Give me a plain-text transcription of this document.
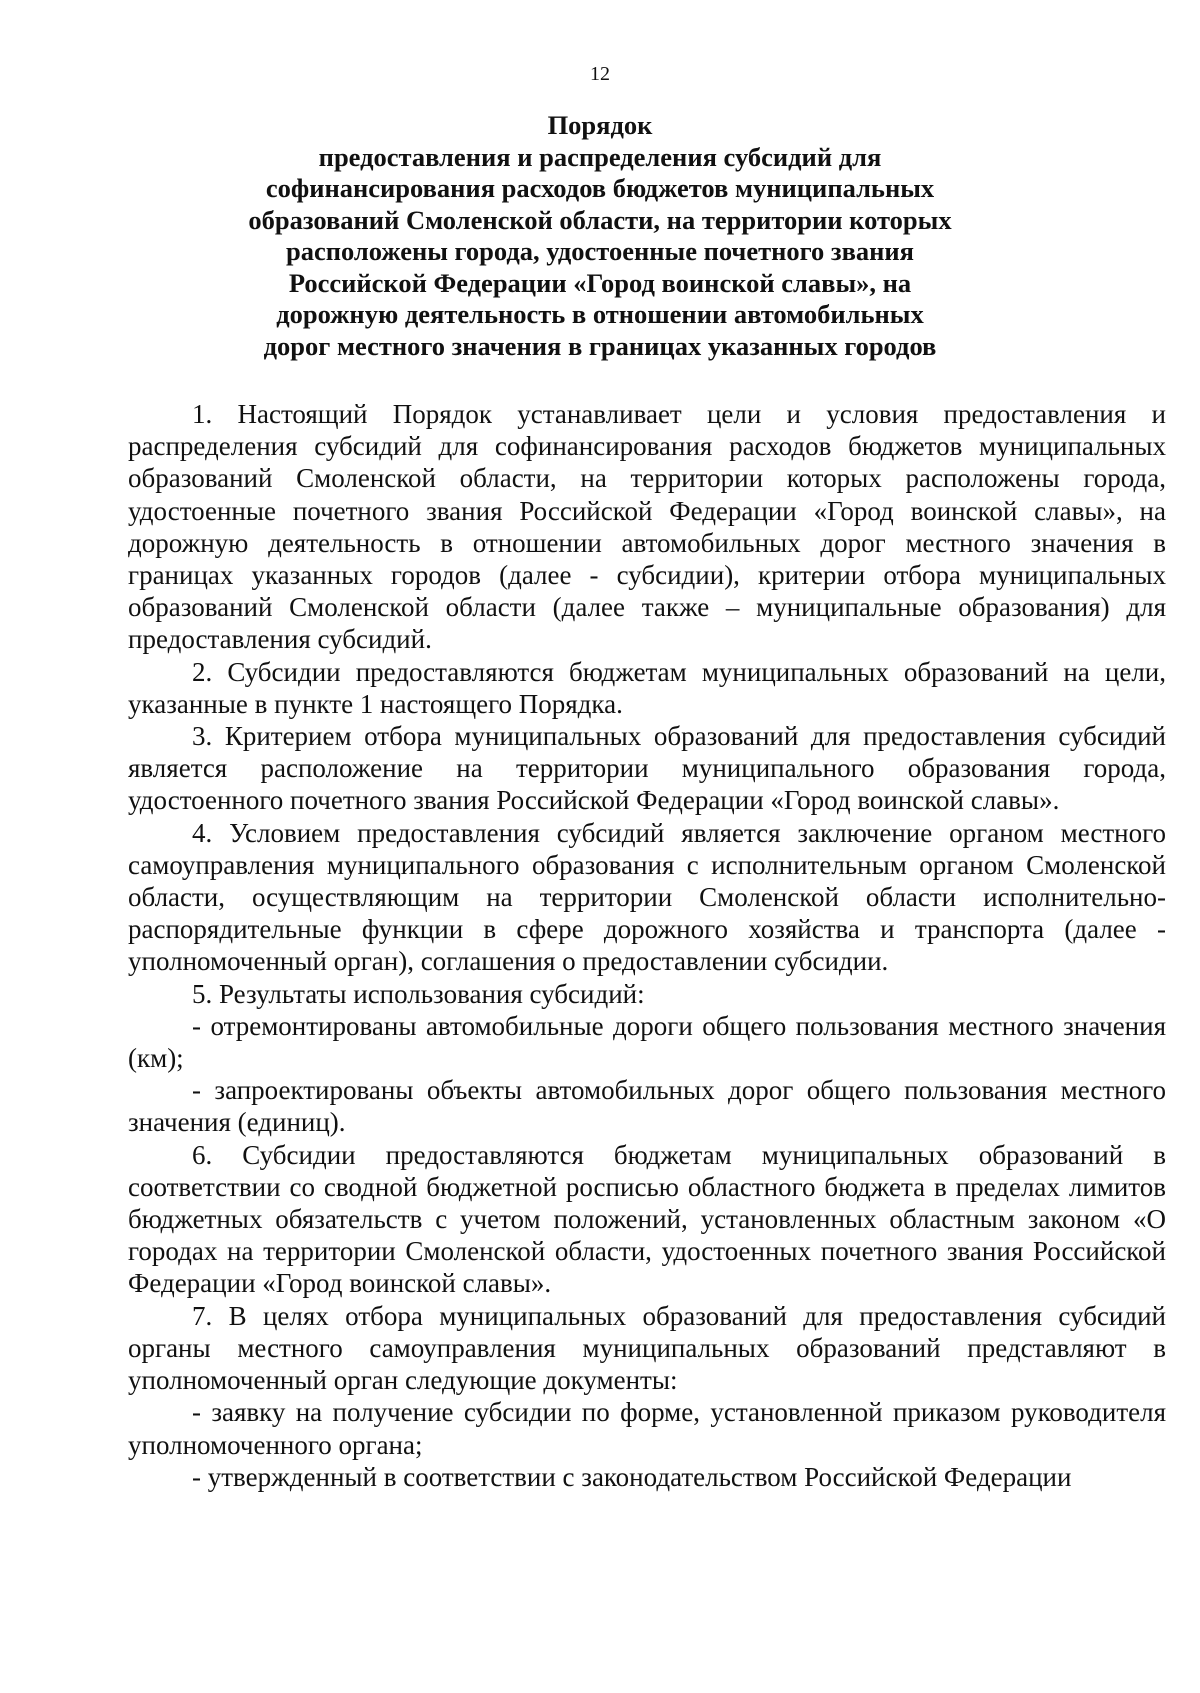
12
Порядок
предоставления и распределения субсидий для
софинансирования расходов бюджетов муниципальных
образований Смоленской области, на территории которых
расположены города, удостоенные почетного звания
Российской Федерации «Город воинской славы», на
дорожную деятельность в отношении автомобильных
дорог местного значения в границах указанных городов

1. Настоящий Порядок устанавливает цели и условия предоставления и распределения субсидий для софинансирования расходов бюджетов муниципальных образований Смоленской области, на территории которых расположены города, удостоенные почетного звания Российской Федерации «Город воинской славы», на дорожную деятельность в отношении автомобильных дорог местного значения в границах указанных городов (далее - субсидии), критерии отбора муниципальных образований Смоленской области (далее также – муниципальные образования) для предоставления субсидий.

2. Субсидии предоставляются бюджетам муниципальных образований на цели, указанные в пункте 1 настоящего Порядка.

3. Критерием отбора муниципальных образований для предоставления субсидий является расположение на территории муниципального образования города, удостоенного почетного звания Российской Федерации «Город воинской славы».

4. Условием предоставления субсидий является заключение органом местного самоуправления муниципального образования с исполнительным органом Смоленской области, осуществляющим на территории Смоленской области исполнительно-распорядительные функции в сфере дорожного хозяйства и транспорта (далее - уполномоченный орган), соглашения о предоставлении субсидии.

5. Результаты использования субсидий:

- отремонтированы автомобильные дороги общего пользования местного значения (км);

- запроектированы объекты автомобильных дорог общего пользования местного значения (единиц).

6. Субсидии предоставляются бюджетам муниципальных образований в соответствии со сводной бюджетной росписью областного бюджета в пределах лимитов бюджетных обязательств с учетом положений, установленных областным законом «О городах на территории Смоленской области, удостоенных почетного звания Российской Федерации «Город воинской славы».

7. В целях отбора муниципальных образований для предоставления субсидий органы местного самоуправления муниципальных образований представляют в уполномоченный орган следующие документы:

- заявку на получение субсидии по форме, установленной приказом руководителя уполномоченного органа;

- утвержденный в соответствии с законодательством Российской Федерации
